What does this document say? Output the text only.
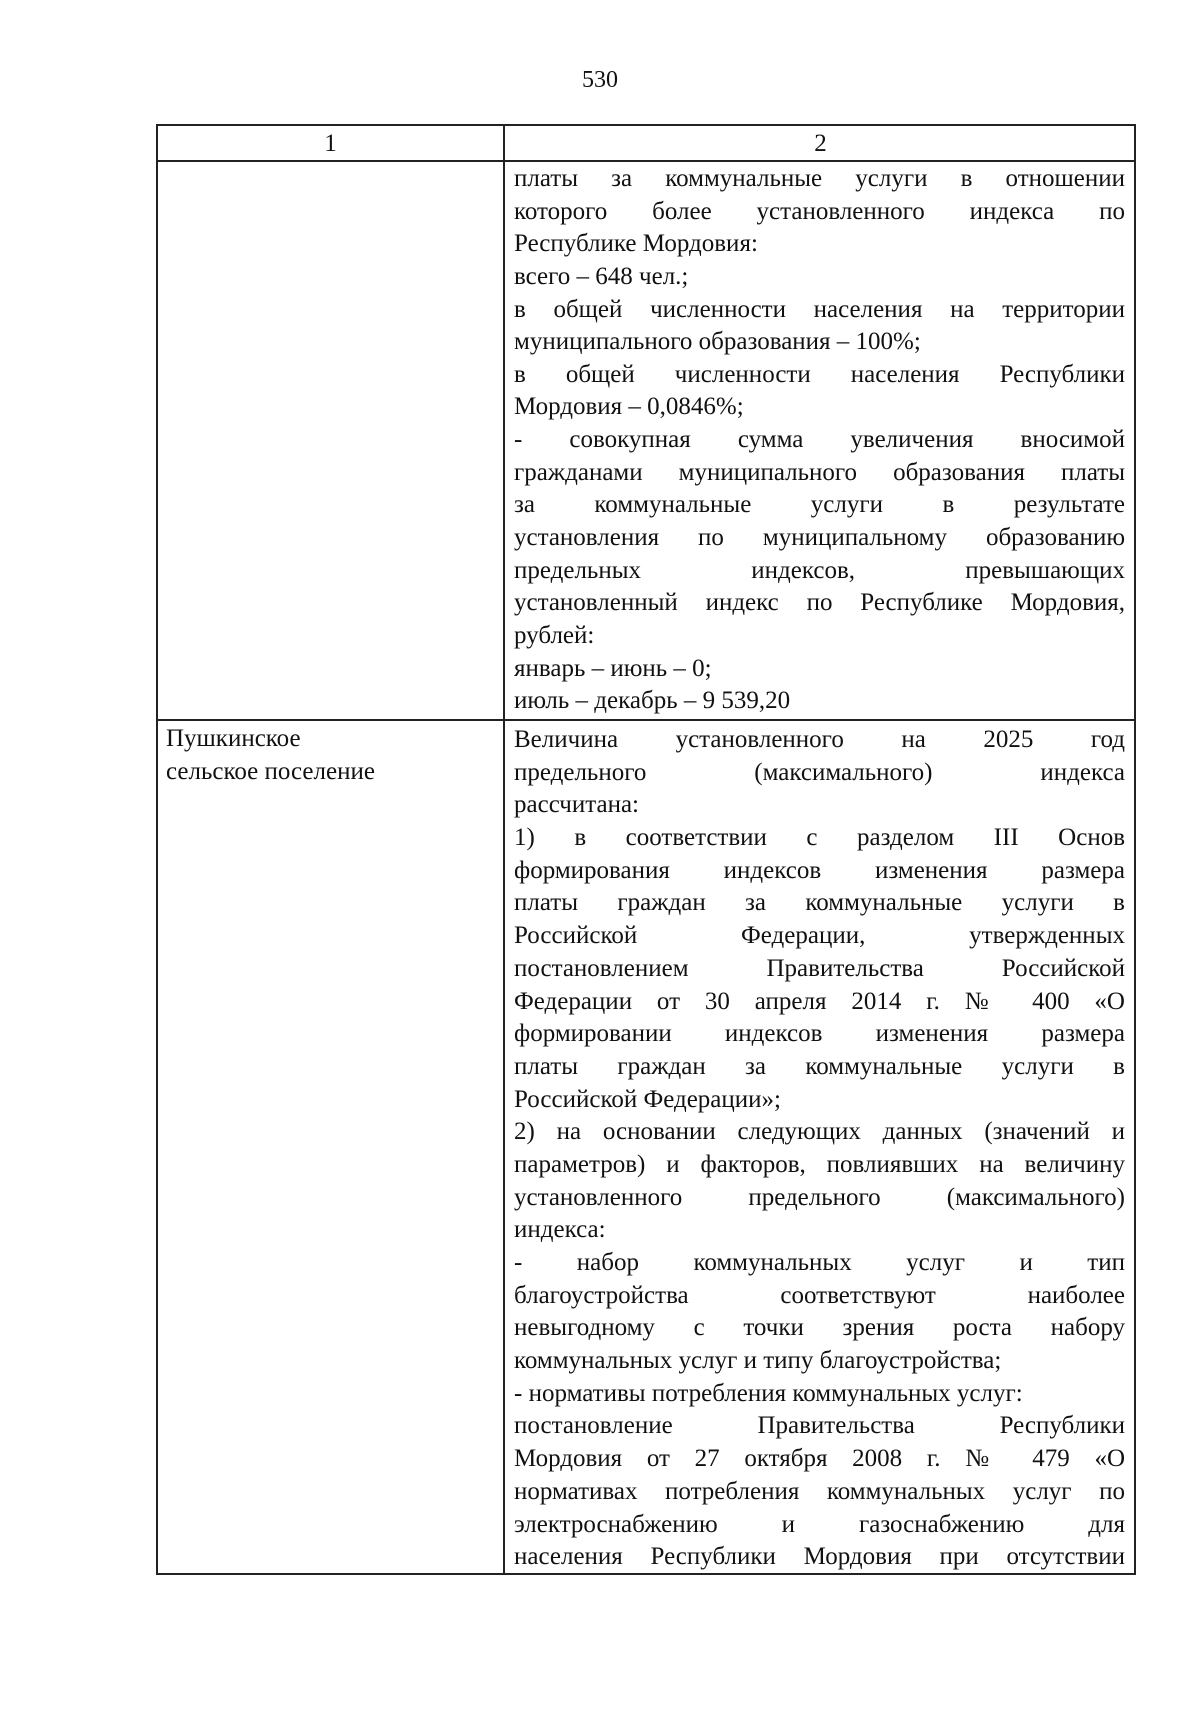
530
1	2
платы за коммунальные услуги в отношении
которого более установленного индекса по
Республике Мордовия:
всего – 648 чел.;
в общей численности населения на территории
муниципального образования – 100%;
в общей численности населения Республики
Мордовия – 0,0846%;
- совокупная сумма увеличения вносимой
гражданами муниципального образования платы
за коммунальные услуги в результате
установления по муниципальному образованию
предельных индексов, превышающих
установленный индекс по Республике Мордовия,
рублей:
январь – июнь – 0;
июль – декабрь – 9 539,20
Пушкинское
сельское поселение
Величина установленного на 2025 год
предельного (максимального) индекса
рассчитана:
1) в соответствии с разделом III Основ
формирования индексов изменения размера
платы граждан за коммунальные услуги в
Российской Федерации, утвержденных
постановлением Правительства Российской
Федерации от 30 апреля 2014 г. № 400 «О
формировании индексов изменения размера
платы граждан за коммунальные услуги в
Российской Федерации»;
2) на основании следующих данных (значений и
параметров) и факторов, повлиявших на величину
установленного предельного (максимального)
индекса:
- набор коммунальных услуг и тип
благоустройства соответствуют наиболее
невыгодному с точки зрения роста набору
коммунальных услуг и типу благоустройства;
- нормативы потребления коммунальных услуг:
постановление Правительства Республики
Мордовия от 27 октября 2008 г. № 479 «О
нормативах потребления коммунальных услуг по
электроснабжению и газоснабжению для
населения Республики Мордовия при отсутствии
